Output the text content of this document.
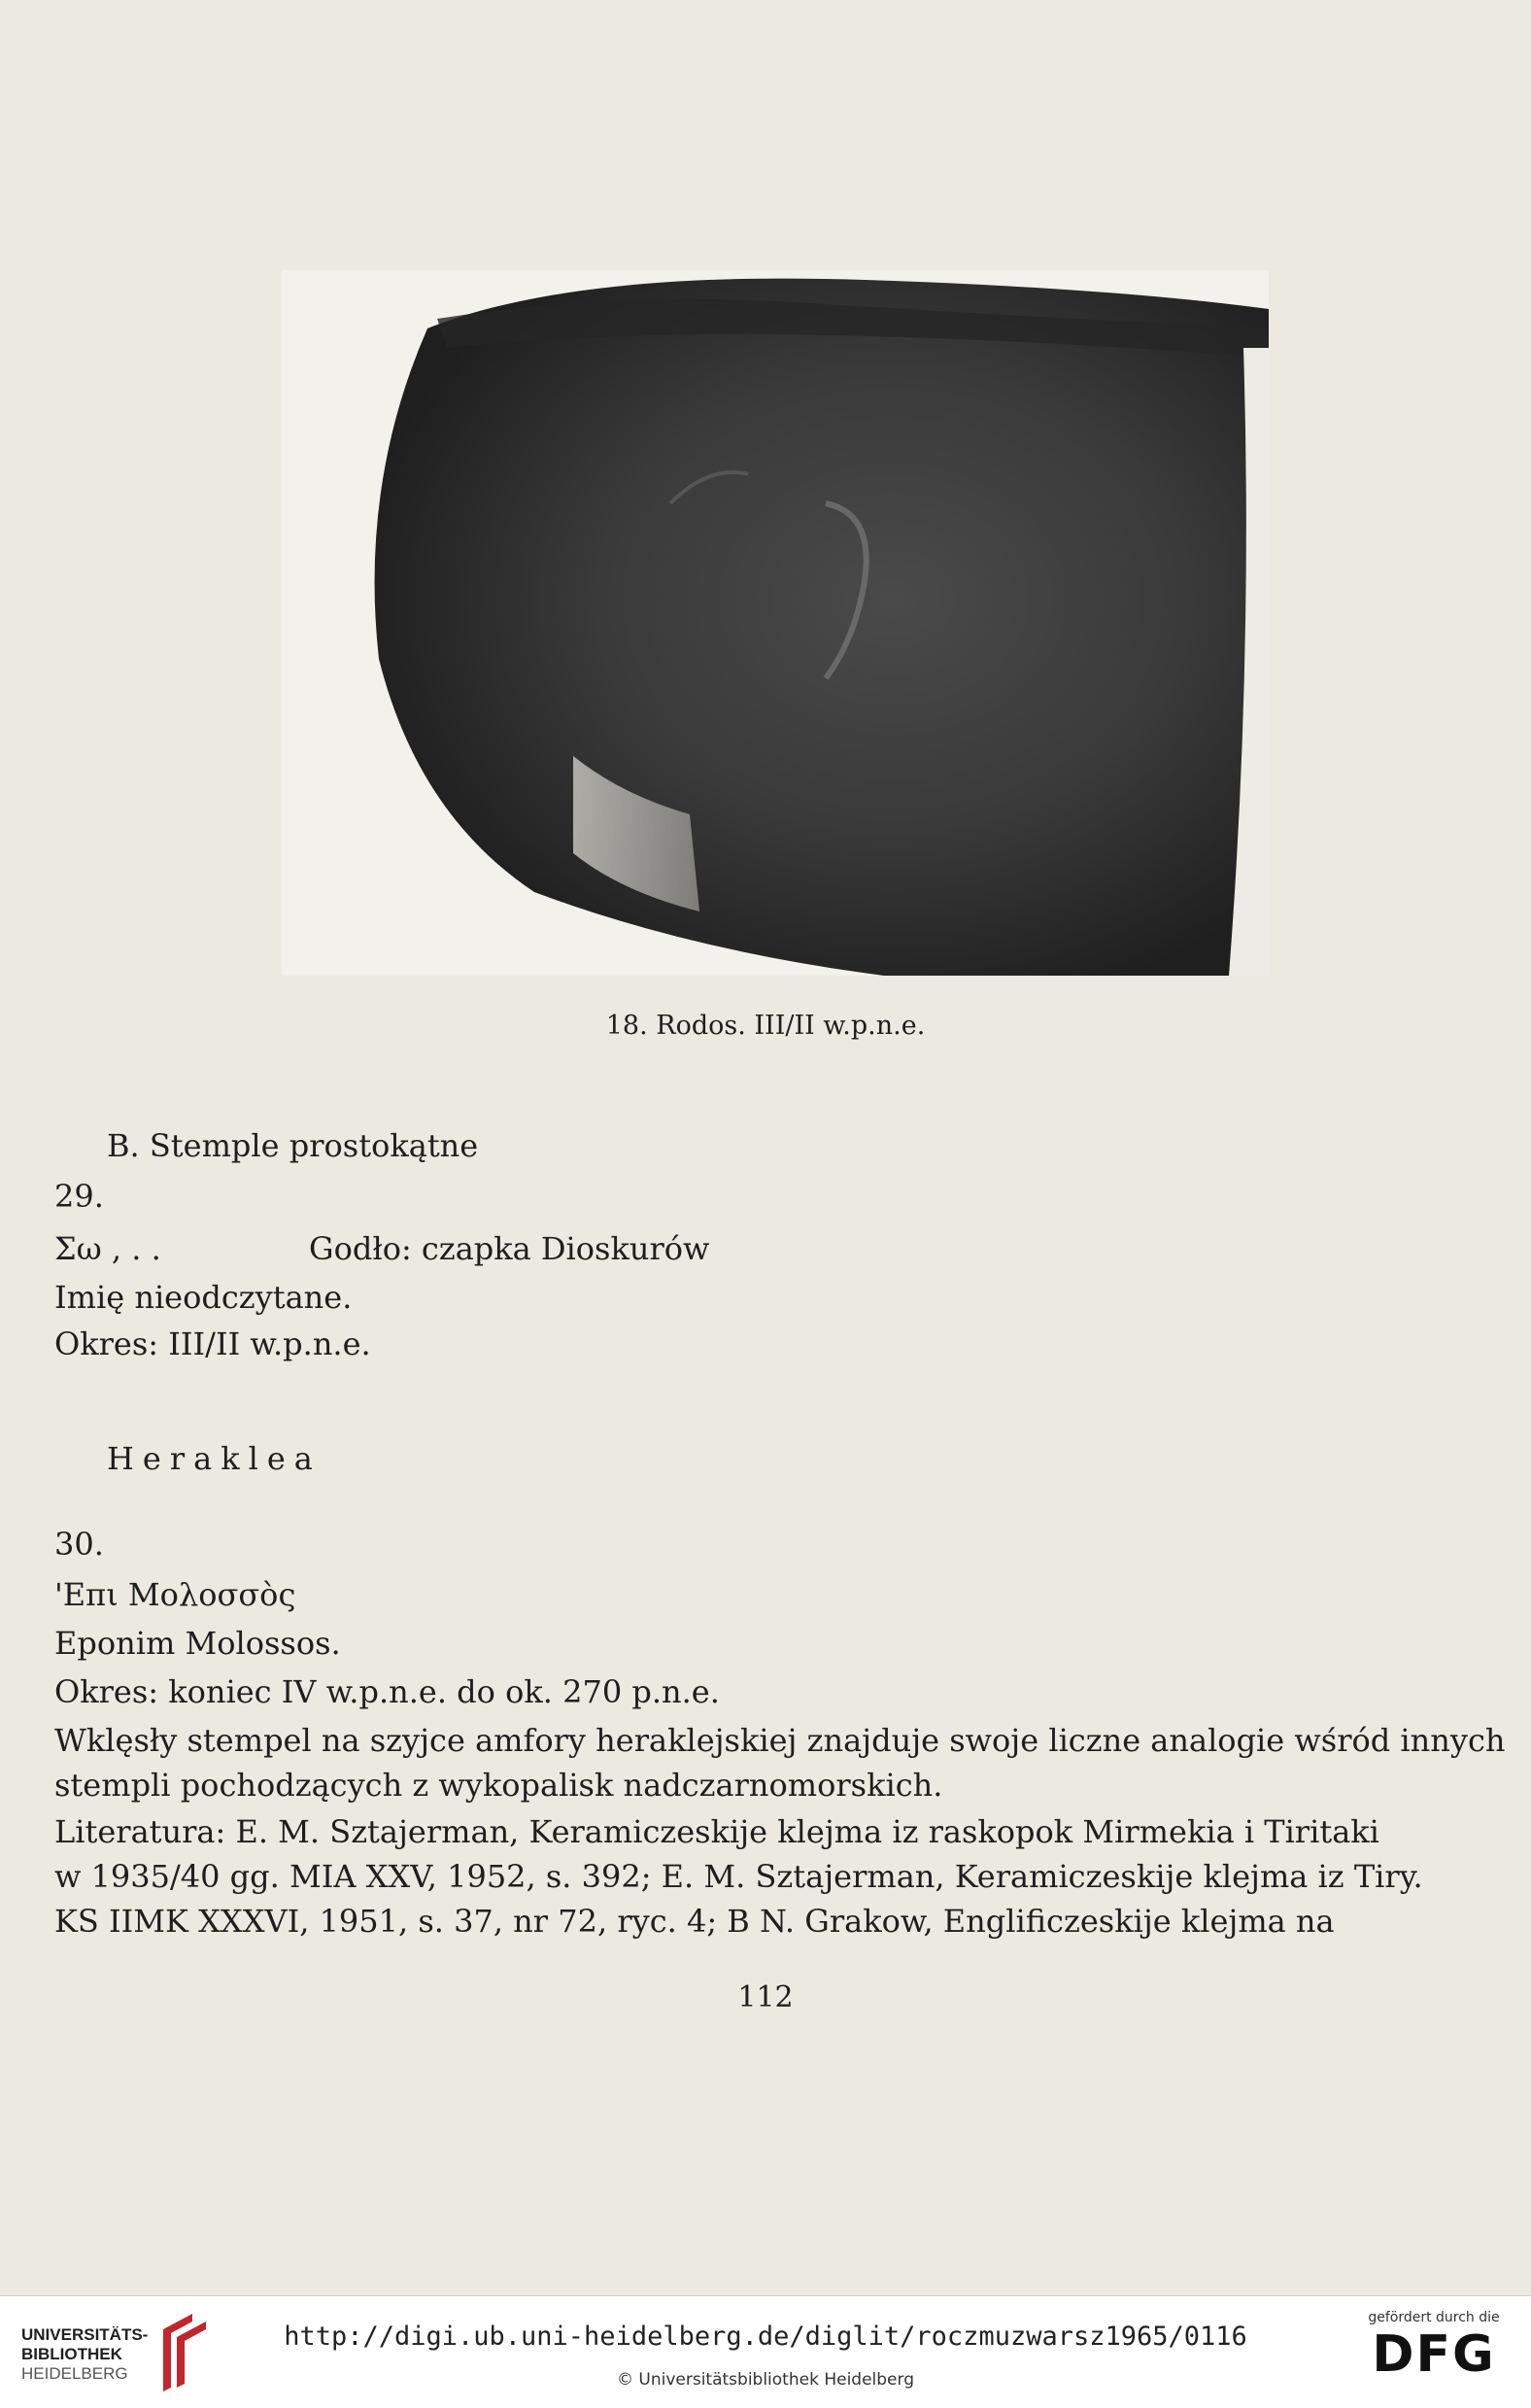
18. Rodos. III/II w.p.n.e.
B. Stemple prostokątne
29.
Σω , . .	Godło: czapka Dioskurów
Imię nieodczytane.
Okres: III/II w.p.n.e.
Heraklea
30.
'Επι Μολοσσὸς
Eponim Molossos.
Okres: koniec IV w.p.n.e. do ok. 270 p.n.e.
Wklęsły stempel na szyjce amfory heraklejskiej znajduje swoje liczne analogie wśród innych
stempli pochodzących z wykopalisk nadczarnomorskich.
Literatura: E. M. Sztajerman, Keramiczeskije klejma iz raskopok Mirmekia i Tiritaki
w 1935/40 gg. MIA XXV, 1952, s. 392; E. M. Sztajerman, Keramiczeskije klejma iz Tiry.
KS IIMK XXXVI, 1951, s. 37, nr 72, ryc. 4; B N. Grakow, Englificzeskije klejma na
112
UNIVERSITÄTS-
BIBLIOTHEK
HEIDELBERG
http://digi.ub.uni-heidelberg.de/diglit/roczmuzwarsz1965/0116
© Universitätsbibliothek Heidelberg
gefördert durch die
DFG
